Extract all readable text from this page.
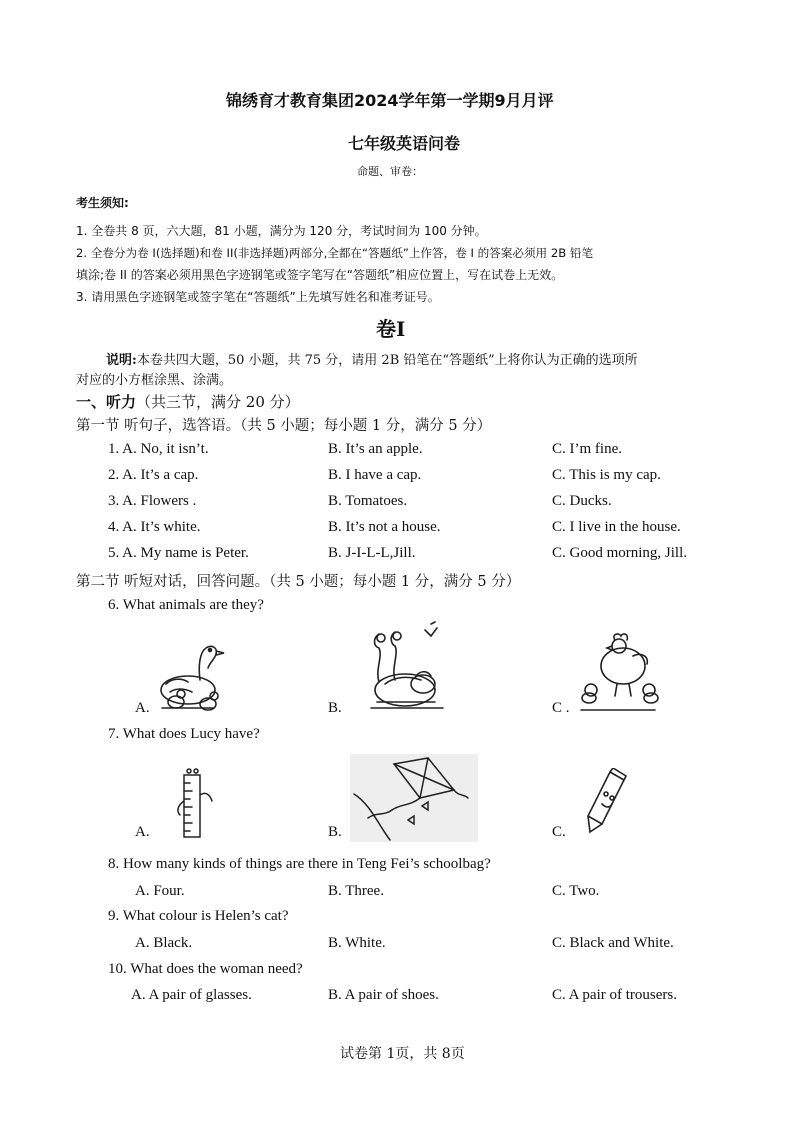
锦绣育才教育集团2024学年第一学期9月月评
七年级英语问卷
命题、审卷：
考生须知:
1. 全卷共 8 页，六大题，81 小题，满分为 120 分，考试时间为 100 分钟。
2. 全卷分为卷 I(选择题)和卷 II(非选择题)两部分,全都在“答题纸”上作答，卷 I 的答案必须用 2B 铅笔
填涂;卷 II 的答案必须用黑色字迹钢笔或签字笔写在“答题纸”相应位置上，写在试卷上无效。
3. 请用黑色字迹钢笔或签字笔在“答题纸”上先填写姓名和准考证号。
卷Ⅰ
说明:本卷共四大题，50 小题，共 75 分，请用 2B 铅笔在“答题纸”上将你认为正确的选项所
对应的小方框涂黑、涂满。
一、听力（共三节，满分 20 分）
第一节 听句子，选答语。（共 5 小题；每小题 1 分，满分 5 分）
1. A. No, it isn’t.	B. It’s an apple.	C. I’m fine.
2. A. It’s a cap.	B. I have a cap.	C. This is my cap.
3. A. Flowers .	B. Tomatoes.	C. Ducks.
4. A. It’s white.	B. It’s not a house.	C. I live in the house.
5. A. My name is Peter.	B. J-I-L-L,Jill.	C. Good morning, Jill.
第二节 听短对话，回答问题。（共 5 小题；每小题 1 分，满分 5 分）
6. What animals are they?
A.	B.	C .
7. What does Lucy have?
A.	B.	C.
8. How many kinds of things are there in Teng Fei’s schoolbag?
A. Four.	B. Three.	C. Two.
9. What colour is Helen’s cat?
A. Black.	B. White.	C. Black and White.
10. What does the woman need?
A. A pair of glasses.	B. A pair of shoes.	C. A pair of trousers.
试卷第 1页，共 8页
